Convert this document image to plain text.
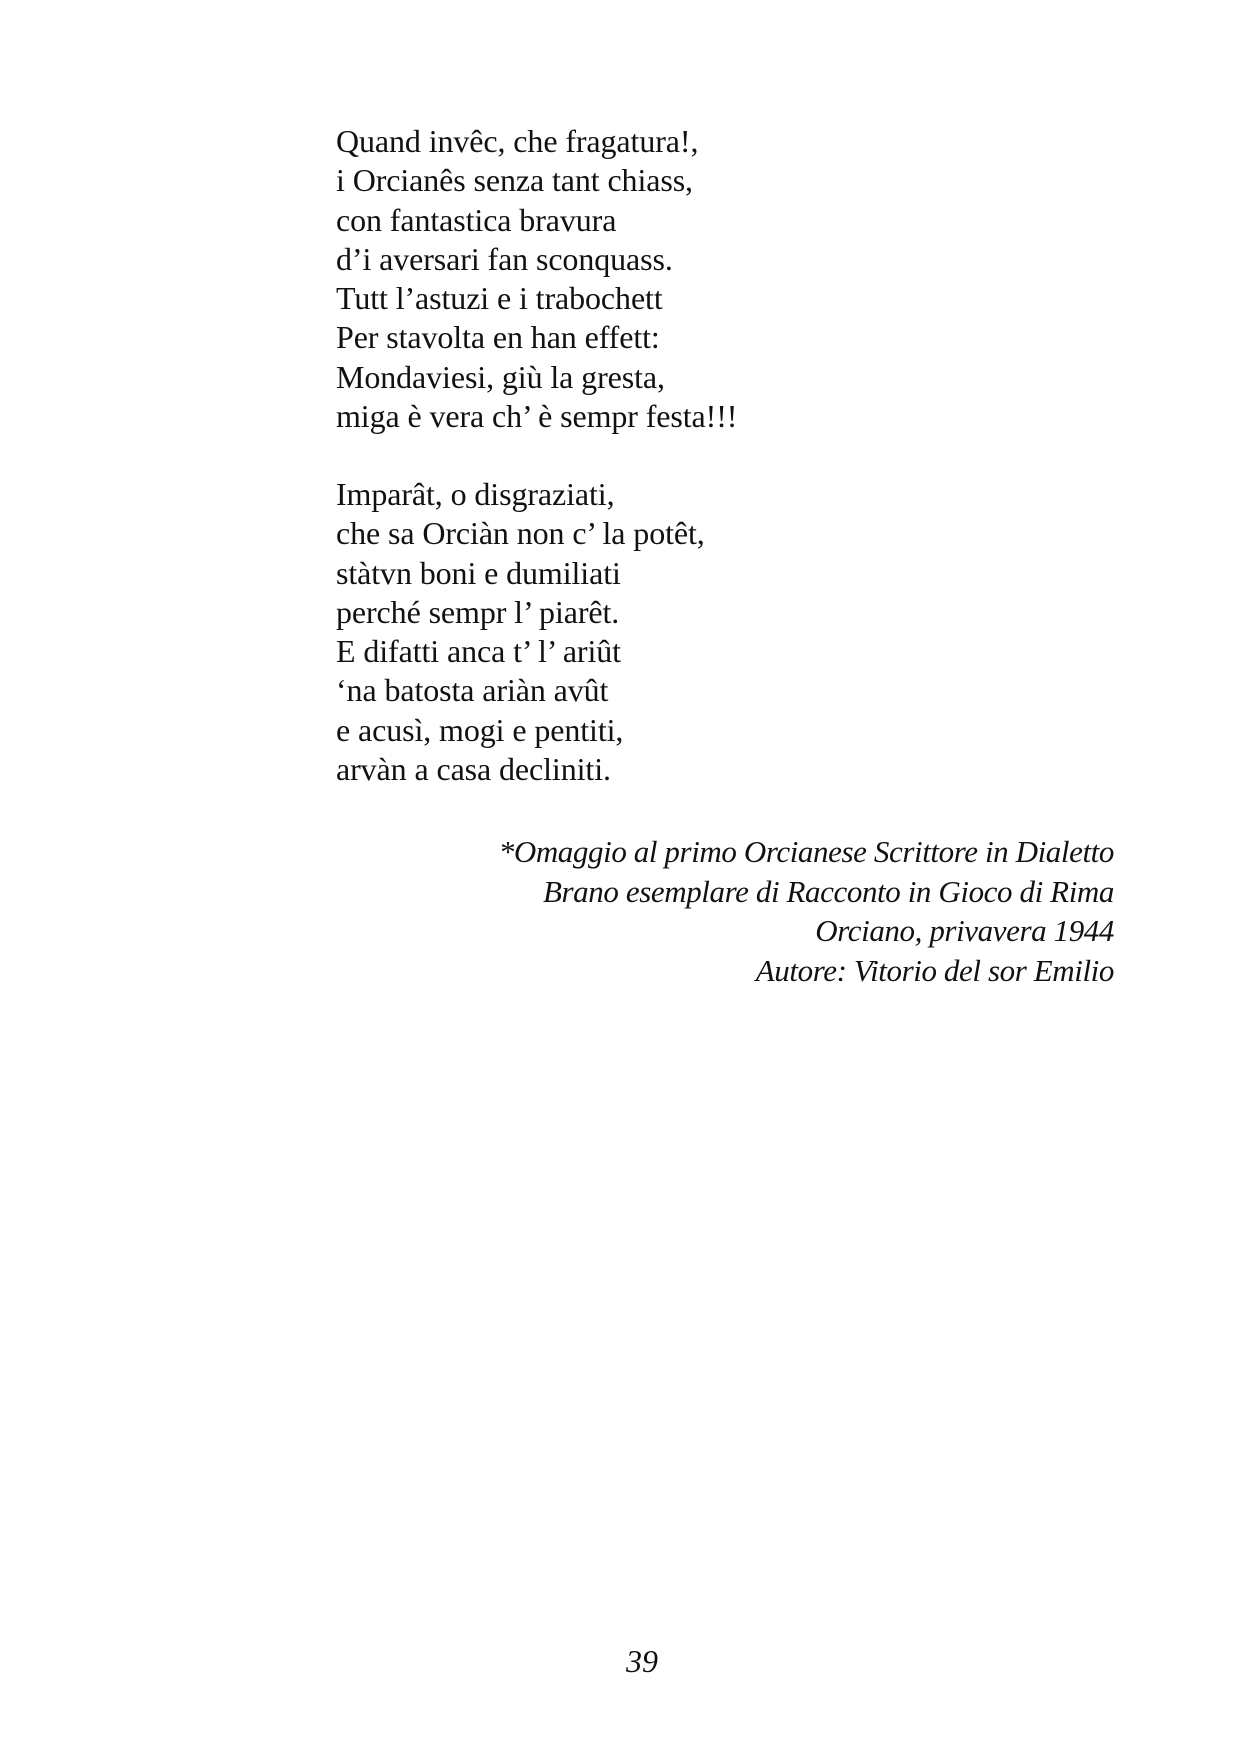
Quand invêc, che fragatura!,
i Orcianês senza tant chiass,
con fantastica bravura
d’i aversari fan sconquass.
Tutt l’astuzi e i trabochett
Per stavolta en han effett:
Mondaviesi, giù la gresta,
miga è vera ch’ è sempr festa!!!
Imparât, o disgraziati,
che sa Orciàn non c’ la potêt,
stàtvn boni e dumiliati
perché sempr l’ piarêt.
E difatti anca t’ l’ ariût
‘na batosta ariàn avût
e acusì, mogi e pentiti,
arvàn a casa decliniti.
*Omaggio al primo Orcianese Scrittore in Dialetto
Brano esemplare di Racconto in Gioco di Rima
Orciano, privavera 1944
Autore: Vitorio del sor Emilio
39
